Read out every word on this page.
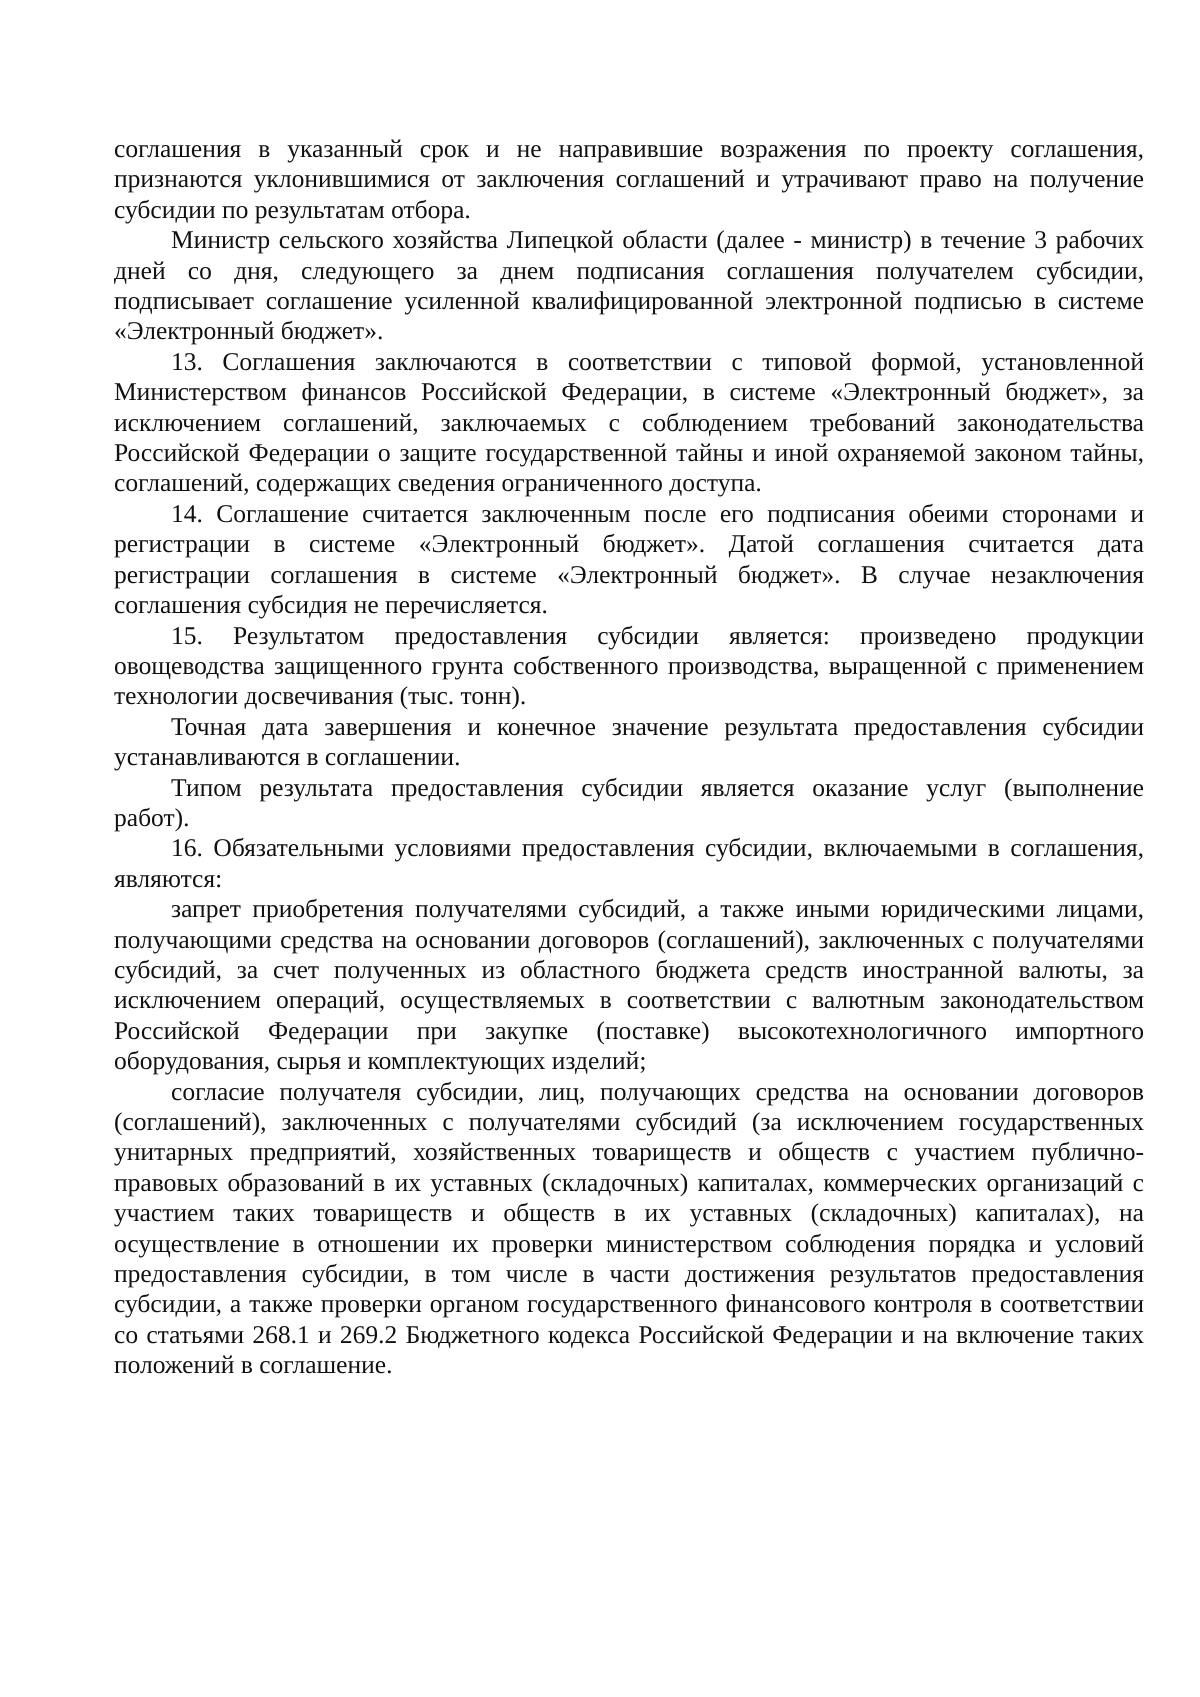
соглашения в указанный срок и не направившие возражения по проекту соглашения, признаются уклонившимися от заключения соглашений и утрачивают право на получение субсидии по результатам отбора.

Министр сельского хозяйства Липецкой области (далее - министр) в течение 3 рабочих дней со дня, следующего за днем подписания соглашения получателем субсидии, подписывает соглашение усиленной квалифицированной электронной подписью в системе «Электронный бюджет».

13. Соглашения заключаются в соответствии с типовой формой, установленной Министерством финансов Российской Федерации, в системе «Электронный бюджет», за исключением соглашений, заключаемых с соблюдением требований законодательства Российской Федерации о защите государственной тайны и иной охраняемой законом тайны, соглашений, содержащих сведения ограниченного доступа.

14. Соглашение считается заключенным после его подписания обеими сторонами и регистрации в системе «Электронный бюджет». Датой соглашения считается дата регистрации соглашения в системе «Электронный бюджет». В случае незаключения соглашения субсидия не перечисляется.

15. Результатом предоставления субсидии является: произведено продукции овощеводства защищенного грунта собственного производства, выращенной с применением технологии досвечивания (тыс. тонн).

Точная дата завершения и конечное значение результата предоставления субсидии устанавливаются в соглашении.

Типом результата предоставления субсидии является оказание услуг (выполнение работ).

16. Обязательными условиями предоставления субсидии, включаемыми в соглашения, являются:

запрет приобретения получателями субсидий, а также иными юридическими лицами, получающими средства на основании договоров (соглашений), заключенных с получателями субсидий, за счет полученных из областного бюджета средств иностранной валюты, за исключением операций, осуществляемых в соответствии с валютным законодательством Российской Федерации при закупке (поставке) высокотехнологичного импортного оборудования, сырья и комплектующих изделий;

согласие получателя субсидии, лиц, получающих средства на основании договоров (соглашений), заключенных с получателями субсидий (за исключением государственных унитарных предприятий, хозяйственных товариществ и обществ с участием публично-правовых образований в их уставных (складочных) капиталах, коммерческих организаций с участием таких товариществ и обществ в их уставных (складочных) капиталах), на осуществление в отношении их проверки министерством соблюдения порядка и условий предоставления субсидии, в том числе в части достижения результатов предоставления субсидии, а также проверки органом государственного финансового контроля в соответствии со статьями 268.1 и 269.2 Бюджетного кодекса Российской Федерации и на включение таких положений в соглашение.
